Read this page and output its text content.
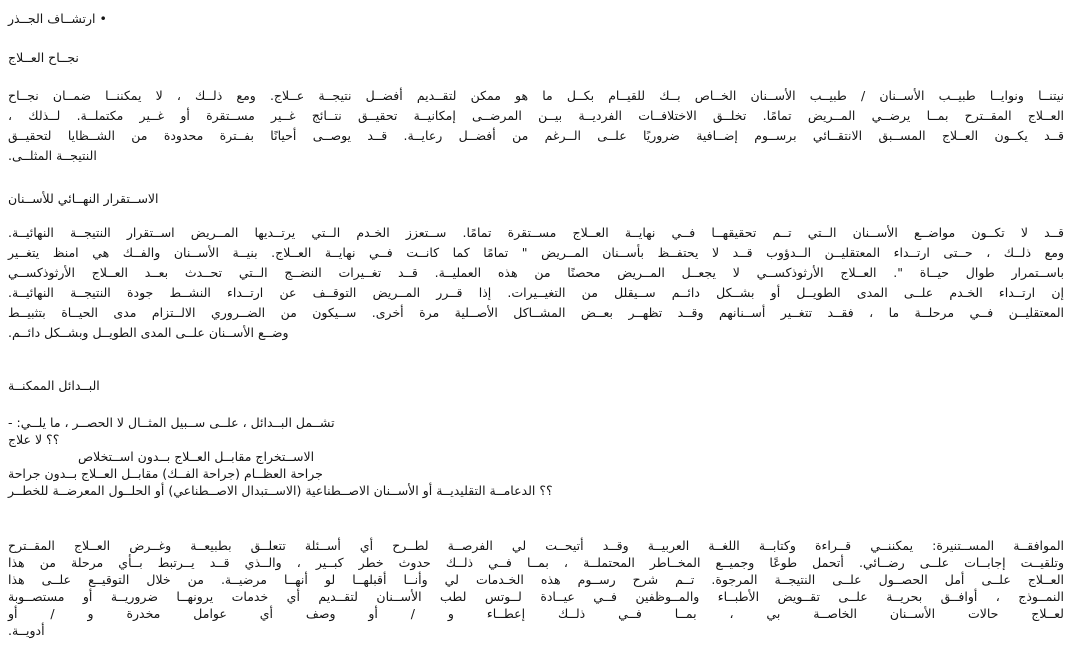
• ارتشــاف الجــذر
نجــاح العــلاج
نيتنــا ونوايــا طبيــب الأســنان / طبيــب الأســنان الخــاص بــك للقيــام بكــل ما هو ممكن لتقــديم أفضــل نتيجــة عــلاج. ومع ذلــك ، لا يمكننــا ضمــان نجــاح
العــلاج المقــترح بمــا يرضــي المــريض تمامًا. تخلــق الاختلافــات الفرديــة بيــن المرضــى إمكانيــة تحقيــق نتــائج غــير مســتقرة أو غــير مكتملــة. لــذلك ،
قــد يكــون العــلاج المســبق الانتقــائي برســوم إضــافية ضروريًا علــى الــرغم من أفضــل رعايــة. قــد يوصــى أحيانًا بفــترة محدودة من الشــظايا لتحقيــق
النتيجــة المثلــى.
الاســتقرار النهــائي للأســنان
قــد لا تكــون مواضــع الأســنان الــتي تــم تحقيقهــا فــي نهايــة العــلاج مســتقرة تمامًا. ســتعزز الخـدم الــتي يرتــديها المــريض اســتقرار النتيجــة النهائيــة.
ومع ذلــك ، حــتى ارتــداء المعتقليــن الــدؤوب قــد لا يحتفــظ بأســنان المــريض " تمامًا كما كانــت فــي نهايــة العــلاج. بنيــة الأســنان والفــك هي امنظ يتغــير
باســتمرار طوال حيــاة ". العــلاج الأرثوذكســي لا يجعــل المــريض محصنًا من هذه العمليــة. قــد تغــيرات النضــج الــتي تحــدث بعــد العــلاج الأرثوذكســي
إن ارتــداء الخـدم علــى المدى الطويــل أو بشــكل دائــم ســيقلل من التغيــيرات. إذا قــرر المــريض التوقــف عن ارتــداء النشــط جودة النتيجــة النهائيــة.
المعتقليــن فــي مرحلــة ما ، فقــد تتغــير أســنانهم وقــد تظهــر بعــض المشــاكل الأصــلية مرة أخرى. ســيكون من الضــروري الالــتزام مدى الحيــاة بتثبيــط
وضــع الأســنان علــى المدى الطويــل وبشــكل دائــم.
البــدائل الممكنــة
تشــمل البــدائل ، علــى ســبيل المثــال لا الحصــر ، ما يلــي: -
؟؟ لا علاج
الاســتخراج مقابــل العــلاج بــدون اســتخلاص
جراحة العظــام (جراحة الفــك) مقابــل العــلاج بــدون جراحة
؟؟ الدعامــة التقليديــة أو الأســنان الاصــطناعية (الاســتبدال الاصــطناعي) أو الحلــول المعرضــة للخطــر
الموافقــة المســتنيرة: يمكننــي قــراءة وكتابــة اللغــة العربيــة وقــد أتيحــت لي الفرصــة لطــرح أي أســئلة تتعلــق بطبيعــة وغــرض العــلاج المقــترح
وتلقيــت إجابــات علــى رضــائي. أتحمل طوعًا وجميــع المخــاطر المحتملــة ، بمــا فــي ذلــك حدوث خطر كبــير ، والــذي قــد يــرتبط بــأي مرحلة من هذا
العــلاج علــى أمل الحصــول علــى النتيجــة المرجوة. تــم شرح رســوم هذه الخـدمات لي وأنــا أقبلهــا لو أنهــا مرضيــة. من خلال التوقيــع علــى هذا
النمــوذج ، أوافــق بحريــة علــى تقــويض الأطبــاء والمــوظفين فــي عيــادة لــوتس لطب الأســنان لتقــديم أي خدمات يرونهــا ضروريــة أو مستصــوبة
لعــلاج حالات الأســنان الخاصــة بي ، بمــا فــي ذلــك إعطــاء و / أو وصف أي عوامل مخدرة و / أو
أدويــة.
